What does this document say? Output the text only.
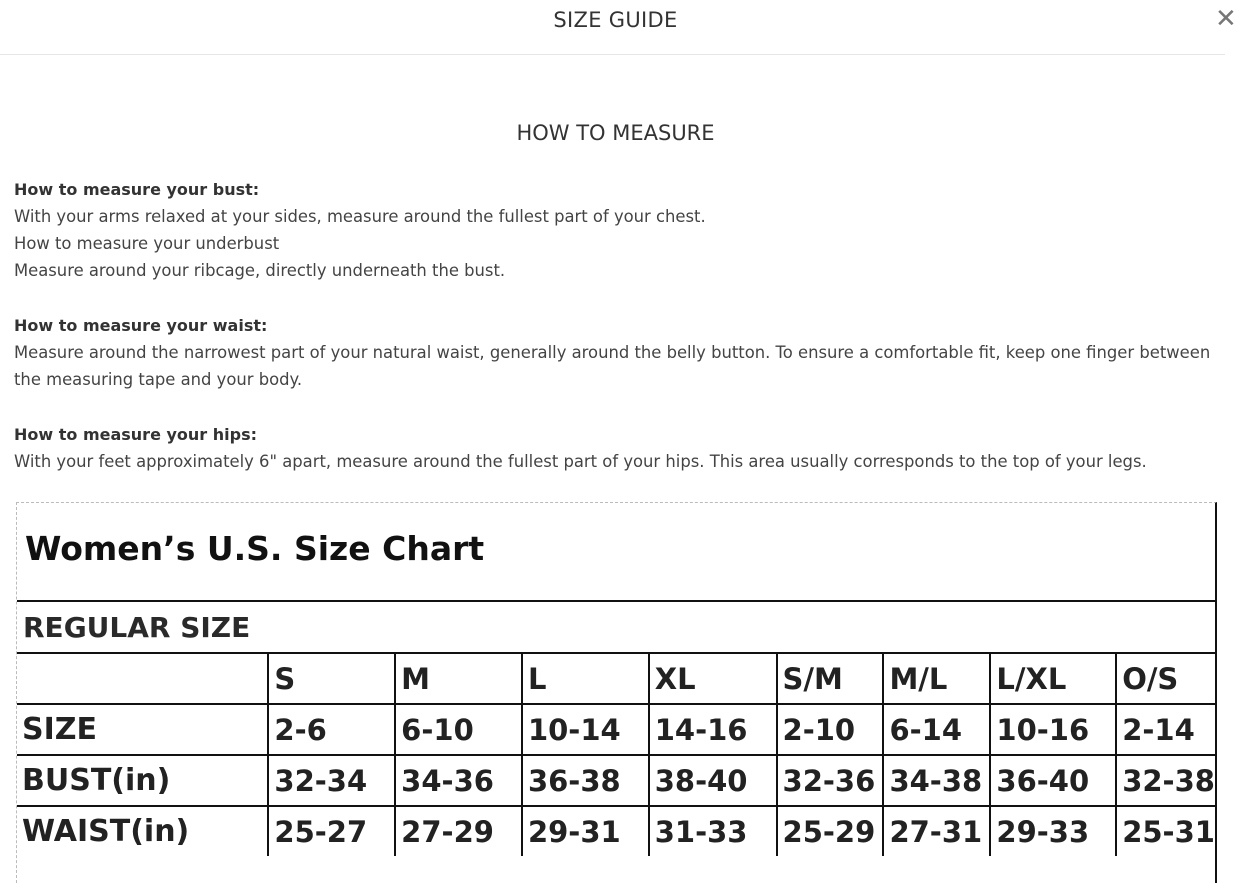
SIZE GUIDE	✕
HOW TO MEASURE

How to measure your bust:

With your arms relaxed at your sides, measure around the fullest part of your chest.

How to measure your underbust

Measure around your ribcage, directly underneath the bust.

How to measure your waist:

Measure around the narrowest part of your natural waist, generally around the belly button. To ensure a comfortable fit, keep one finger between the measuring tape and your body.

How to measure your hips:

With your feet approximately 6" apart, measure around the fullest part of your hips. This area usually corresponds to the top of your legs.

Women’s U.S. Size Chart
REGULAR SIZE
	S	M	L	XL	S/M	M/L	L/XL	O/S
SIZE	2-6	6-10	10-14	14-16	2-10	6-14	10-16	2-14
BUST(in)	32-34	34-36	36-38	38-40	32-36	34-38	36-40	32-38
WAIST(in)	25-27	27-29	29-31	31-33	25-29	27-31	29-33	25-31
